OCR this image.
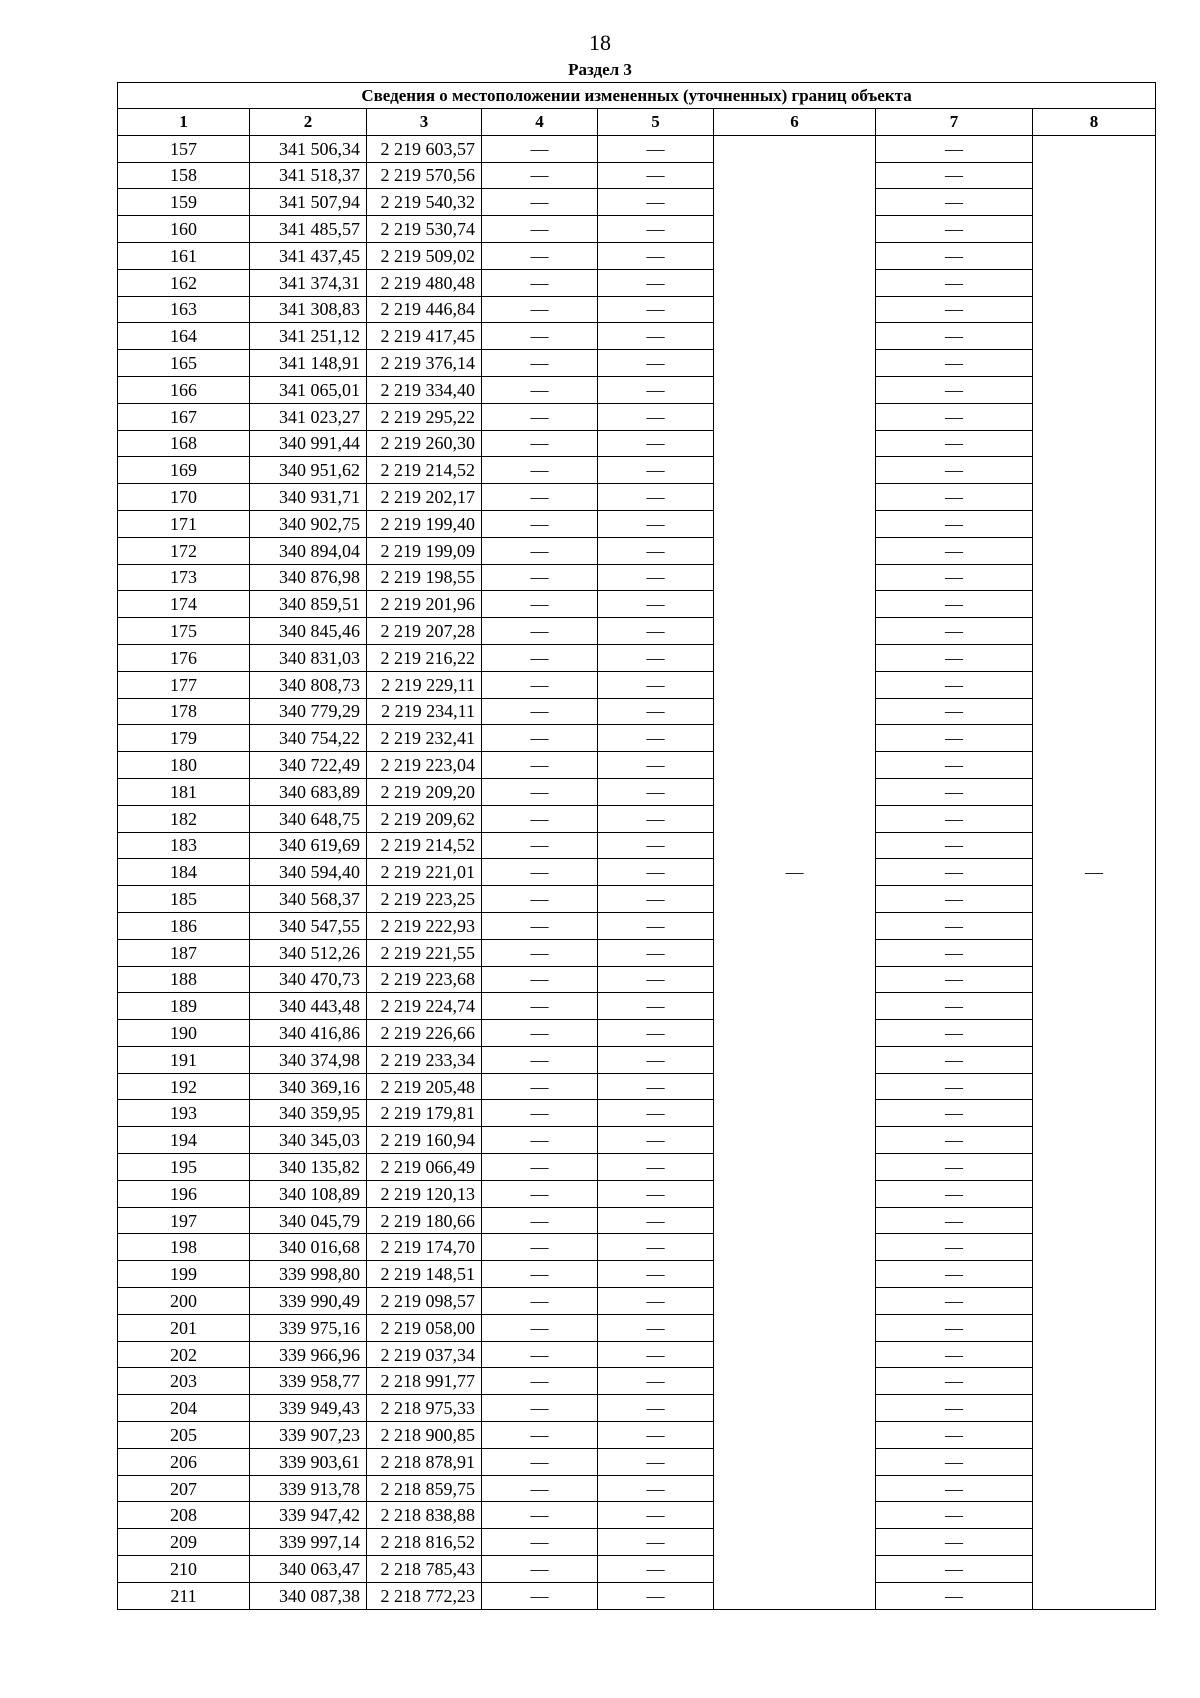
18
Раздел 3
Сведения о местоположении измененных (уточненных) границ объекта							
1	2	3	4	5	6	7	8
157	341 506,34	2 219 603,57	—	—	—	—	—
158	341 518,37	2 219 570,56	—	—		—	
159	341 507,94	2 219 540,32	—	—		—	
160	341 485,57	2 219 530,74	—	—		—	
161	341 437,45	2 219 509,02	—	—		—	
162	341 374,31	2 219 480,48	—	—		—	
163	341 308,83	2 219 446,84	—	—		—	
164	341 251,12	2 219 417,45	—	—		—	
165	341 148,91	2 219 376,14	—	—		—	
166	341 065,01	2 219 334,40	—	—		—	
167	341 023,27	2 219 295,22	—	—		—	
168	340 991,44	2 219 260,30	—	—		—	
169	340 951,62	2 219 214,52	—	—		—	
170	340 931,71	2 219 202,17	—	—		—	
171	340 902,75	2 219 199,40	—	—		—	
172	340 894,04	2 219 199,09	—	—		—	
173	340 876,98	2 219 198,55	—	—		—	
174	340 859,51	2 219 201,96	—	—		—	
175	340 845,46	2 219 207,28	—	—		—	
176	340 831,03	2 219 216,22	—	—		—	
177	340 808,73	2 219 229,11	—	—		—	
178	340 779,29	2 219 234,11	—	—		—	
179	340 754,22	2 219 232,41	—	—		—	
180	340 722,49	2 219 223,04	—	—		—	
181	340 683,89	2 219 209,20	—	—		—	
182	340 648,75	2 219 209,62	—	—		—	
183	340 619,69	2 219 214,52	—	—		—	
184	340 594,40	2 219 221,01	—	—		—	
185	340 568,37	2 219 223,25	—	—		—	
186	340 547,55	2 219 222,93	—	—		—	
187	340 512,26	2 219 221,55	—	—		—	
188	340 470,73	2 219 223,68	—	—		—	
189	340 443,48	2 219 224,74	—	—		—	
190	340 416,86	2 219 226,66	—	—		—	
191	340 374,98	2 219 233,34	—	—		—	
192	340 369,16	2 219 205,48	—	—		—	
193	340 359,95	2 219 179,81	—	—		—	
194	340 345,03	2 219 160,94	—	—		—	
195	340 135,82	2 219 066,49	—	—		—	
196	340 108,89	2 219 120,13	—	—		—	
197	340 045,79	2 219 180,66	—	—		—	
198	340 016,68	2 219 174,70	—	—		—	
199	339 998,80	2 219 148,51	—	—		—	
200	339 990,49	2 219 098,57	—	—		—	
201	339 975,16	2 219 058,00	—	—		—	
202	339 966,96	2 219 037,34	—	—		—	
203	339 958,77	2 218 991,77	—	—		—	
204	339 949,43	2 218 975,33	—	—		—	
205	339 907,23	2 218 900,85	—	—		—	
206	339 903,61	2 218 878,91	—	—		—	
207	339 913,78	2 218 859,75	—	—		—	
208	339 947,42	2 218 838,88	—	—		—	
209	339 997,14	2 218 816,52	—	—		—	
210	340 063,47	2 218 785,43	—	—		—	
211	340 087,38	2 218 772,23	—	—		—	
